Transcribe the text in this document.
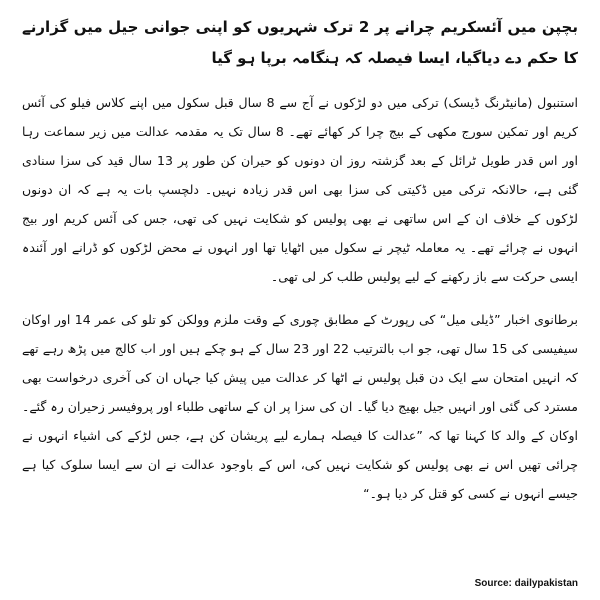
بچپن میں آئسکریم چرانے پر 2 ترک شہریوں کو اپنی جوانی جیل میں گزارنے کا حکم دے دیاگیا، ایسا فیصلہ کہ ہنگامہ برپا ہو گیا

استنبول (مانیٹرنگ ڈیسک) ترکی میں دو لڑکوں نے آج سے 8 سال قبل سکول میں اپنے کلاس فیلو کی آئس کریم اور تمکین سورج مکھی کے بیج چرا کر کھائے تھے۔ 8 سال تک یہ مقدمہ عدالت میں زیر سماعت رہا اور اس قدر طویل ٹرائل کے بعد گزشتہ روز ان دونوں کو حیران کن طور پر 13 سال قید کی سزا سنادی گئی ہے، حالانکہ ترکی میں ڈکیتی کی سزا بھی اس قدر زیادہ نہیں۔ دلچسپ بات یہ ہے کہ ان دونوں لڑکوں کے خلاف ان کے اس ساتھی نے بھی پولیس کو شکایت نہیں کی تھی، جس کی آئس کریم اور بیج انہوں نے چرائے تھے۔ یہ معاملہ ٹیچر نے سکول میں اٹھایا تھا اور انہوں نے محض لڑکوں کو ڈرانے اور آئندہ ایسی حرکت سے باز رکھنے کے لیے پولیس طلب کر لی تھی۔

برطانوی اخبار ”ڈیلی میل“ کی رپورٹ کے مطابق چوری کے وقت ملزم وولکن کو تلو کی عمر 14 اور اوکان سیفیسی کی 15 سال تھی، جو اب بالترتیب 22 اور 23 سال کے ہو چکے ہیں اور اب کالج میں پڑھ رہے تھے کہ انہیں امتحان سے ایک دن قبل پولیس نے اٹھا کر عدالت میں پیش کیا جہاں ان کی آخری درخواست بھی مسترد کی گئی اور انہیں جیل بھیج دیا گیا۔ ان کی سزا پر ان کے ساتھی طلباء اور پروفیسر زحیران رہ گئے۔ اوکان کے والد کا کہنا تھا کہ ”عدالت کا فیصلہ ہمارے لیے پریشان کن ہے، جس لڑکے کی اشیاء انہوں نے چرائی تھیں اس نے بھی پولیس کو شکایت نہیں کی، اس کے باوجود عدالت نے ان سے ایسا سلوک کیا ہے جیسے انہوں نے کسی کو قتل کر دیا ہو۔“

Source: dailypakistan
